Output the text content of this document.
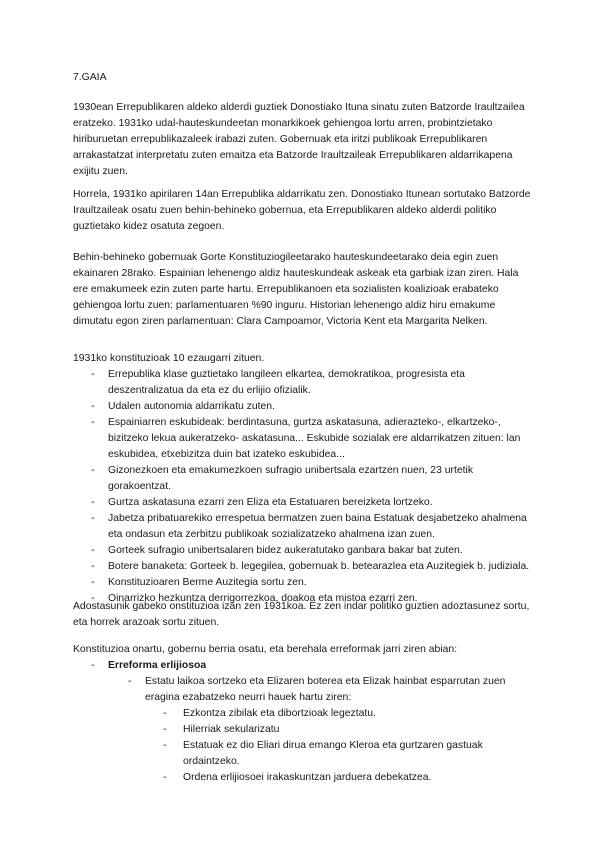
7.GAIA

1930ean Errepublikaren aldeko alderdi guztiek Donostiako Ituna sinatu zuten Batzorde Iraultzailea eratzeko. 1931ko udal-hauteskundeetan monarkikoek gehiengoa lortu arren, probintzietako hiriburuetan errepublikazaleek irabazi zuten. Gobernuak eta iritzi publikoak Errepublikaren arrakastatzat interpretatu zuten emaitza eta Batzorde Iraultzaileak Errepublikaren aldarrikapena exijitu zuen.

Horrela, 1931ko apirilaren 14an Errepublika aldarrikatu zen. Donostiako Itunean sortutako Batzorde Iraultzaileak osatu zuen behin-behineko gobernua, eta Errepublikaren aldeko alderdi politiko guztietako kidez osatuta zegoen.

Behin-behineko gobernuak Gorte Konstituziogileetarako hauteskundeetarako deia egin zuen ekainaren 28rako. Espainian lehenengo aldiz hauteskundeak askeak eta garbiak izan ziren. Hala ere emakumeek ezin zuten parte hartu. Errepublikanoen eta sozialisten koalizioak erabateko gehiengoa lortu zuen: parlamentuaren %90 inguru. Historian lehenengo aldiz hiru emakume dimutatu egon ziren parlamentuan: Clara Campoamor, Victoria Kent eta Margarita Nelken.

1931ko konstituzioak 10 ezaugarri zituen.

- Errepublika klase guztietako langileen elkartea, demokratikoa, progresista eta deszentralizatua da eta ez du erlijio ofizialik.
- Udalen autonomia aldarrikatu zuten.
- Espainiarren eskubideak: berdintasuna, gurtza askatasuna, adierazteko-, elkartzeko-, bizitzeko lekua aukeratzeko- askatasuna... Eskubide sozialak ere aldarrikatzen zituen: lan eskubidea, etxebizitza duin bat izateko eskubidea...
- Gizonezkoen eta emakumezkoen sufragio unibertsala ezartzen nuen, 23 urtetik gorakoentzat.
- Gurtza askatasuna ezarri zen Eliza eta Estatuaren bereizketa lortzeko.
- Jabetza pribatuarekiko errespetua bermatzen zuen baina Estatuak desjabetzeko ahalmena eta ondasun eta zerbitzu publikoak sozializatzeko ahalmena izan zuen.
- Gorteek sufragio unibertsalaren bidez aukeratutako ganbara bakar bat zuten.
- Botere banaketa: Gorteek b. legegilea, gobernuak b. betearazlea eta Auzitegiek b. judiziala.
- Konstituzioaren Berme Auzitegia sortu zen.
- Oinarrizko hezkuntza derrigorrezkoa, doakoa eta mistoa ezarri zen.

Adostasunik gabeko onstituzioa izan zen 1931koa. Ez zen indar politiko guztien adoztasunez sortu, eta horrek arazoak sortu zituen.

Konstituzioa onartu, gobernu berria osatu, eta berehala erreformak jarri ziren abian:

- Erreforma erlijiosoa
-	Estatu laikoa sortzeko eta Elizaren boterea eta Elizak hainbat esparrutan zuen eragina ezabatzeko neurri hauek hartu ziren:
- Ezkontza zibilak eta dibortzioak legeztatu.
- Hilerriak sekularizatu
- Estatuak ez dio Eliari dirua emango Kleroa eta gurtzaren gastuak ordaintzeko.
- Ordena erlijiosoei irakaskuntzan jarduera debekatzea.
